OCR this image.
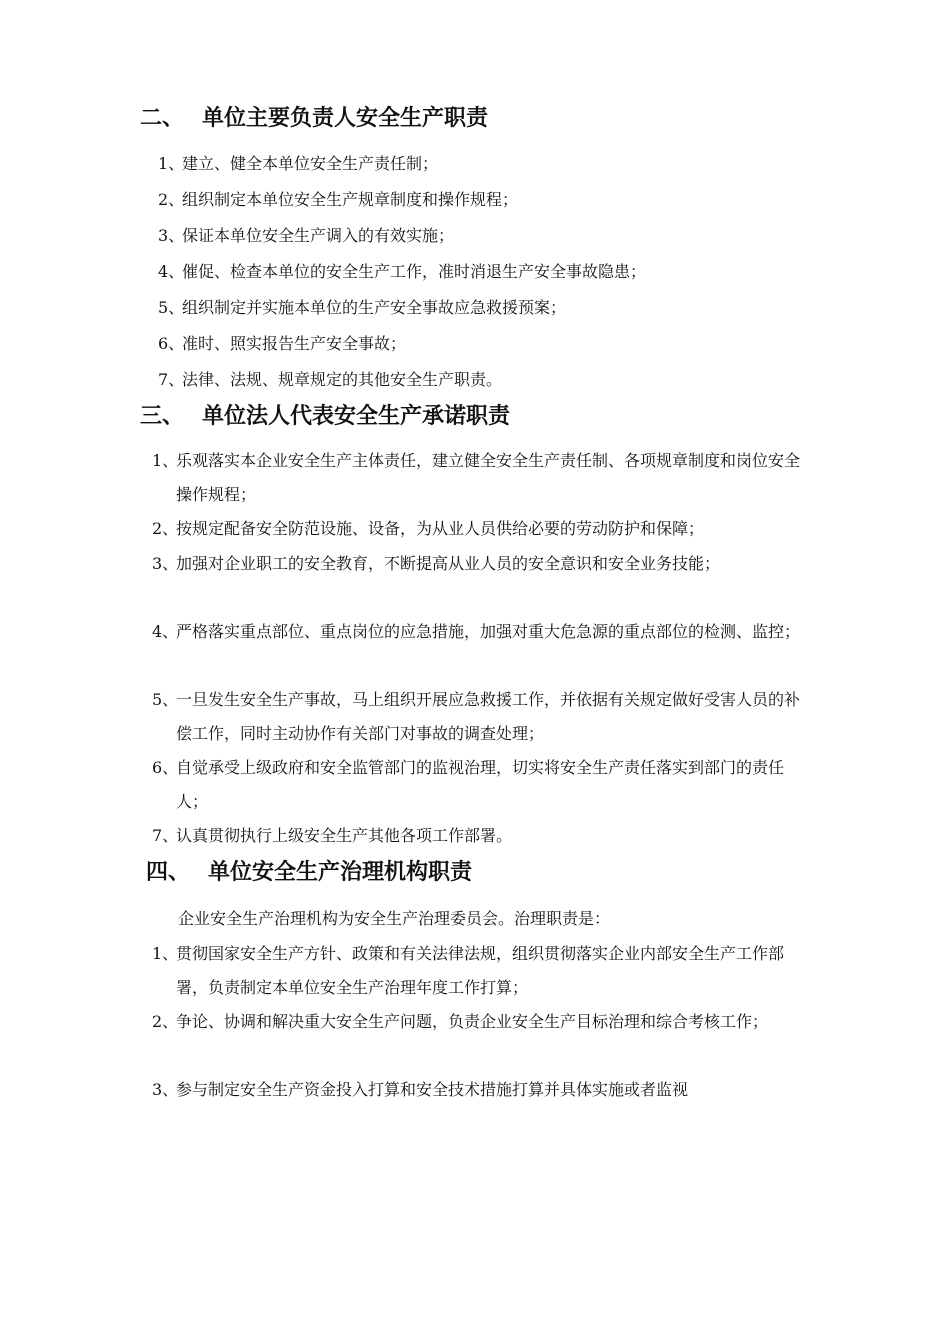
二、 单位主要负责人安全生产职责
1、
建立、健全本单位安全生产责任制；
2、
组织制定本单位安全生产规章制度和操作规程；
3、
保证本单位安全生产调入的有效实施；
4、
催促、检查本单位的安全生产工作，准时消退生产安全事故隐患；
5、
组织制定并实施本单位的生产安全事故应急救援预案；
6、
准时、照实报告生产安全事故；
7、
法律、法规、规章规定的其他安全生产职责。
三、 单位法人代表安全生产承诺职责
1、
乐观落实本企业安全生产主体责任，建立健全安全生产责任制、各项规章制度和岗位安全操作规程；
2、
按规定配备安全防范设施、设备，为从业人员供给必要的劳动防护和保障；
3、
加强对企业职工的安全教育，不断提高从业人员的安全意识和安全业务技能；
4、
严格落实重点部位、重点岗位的应急措施，加强对重大危急源的重点部位的检测、监控；
5、
一旦发生安全生产事故，马上组织开展应急救援工作，并依据有关规定做好受害人员的补偿工作，同时主动协作有关部门对事故的调查处理；
6、
自觉承受上级政府和安全监管部门的监视治理，切实将安全生产责任落实到部门的责任人；
7、
认真贯彻执行上级安全生产其他各项工作部署。
四、 单位安全生产治理机构职责
企业安全生产治理机构为安全生产治理委员会。治理职责是：
1、
贯彻国家安全生产方针、政策和有关法律法规，组织贯彻落实企业内部安全生产工作部署，负责制定本单位安全生产治理年度工作打算；
2、
争论、协调和解决重大安全生产问题，负责企业安全生产目标治理和综合考核工作；
3、
参与制定安全生产资金投入打算和安全技术措施打算并具体实施或者监视
